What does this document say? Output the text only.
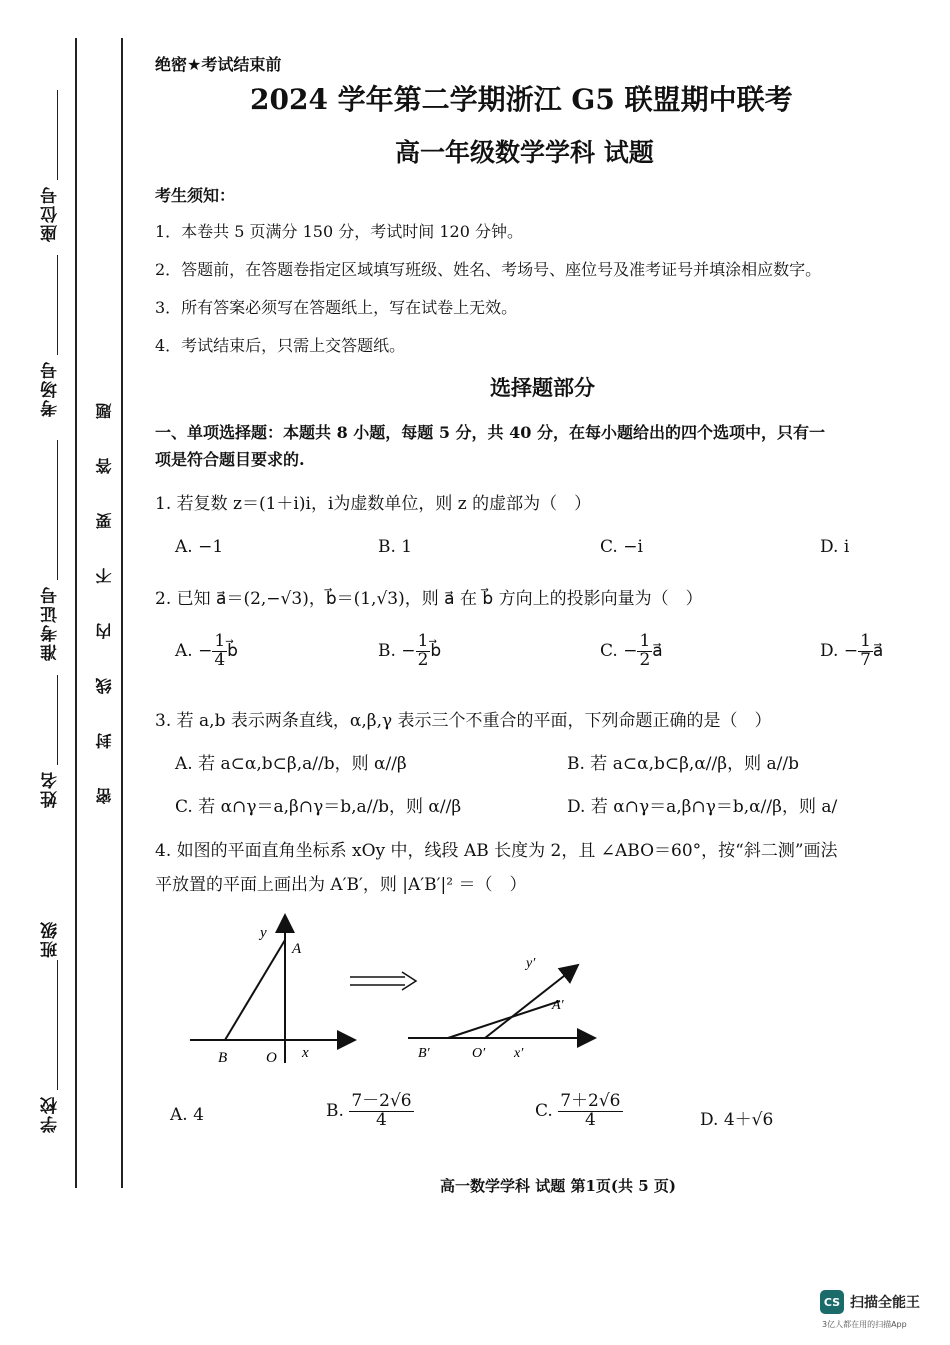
座位号
考场号
准考证号
姓名
班级
学校
题
答
要
不
内
线
封
密
绝密★考试结束前
2024 学年第二学期浙江 G5 联盟期中联考
高一年级数学学科 试题
考生须知：
1．本卷共 5 页满分 150 分，考试时间 120 分钟。
2．答题前，在答题卷指定区域填写班级、姓名、考场号、座位号及准考证号并填涂相应数字。
3．所有答案必须写在答题纸上，写在试卷上无效。
4．考试结束后，只需上交答题纸。
选择题部分
一、单项选择题：本题共 8 小题，每题 5 分，共 40 分，在每小题给出的四个选项中，只有一
项是符合题目要求的.
1. 若复数 z＝(1＋i)i，i为虚数单位，则 z 的虚部为（　）
A. −1	B. 1	C. −i	D. i
2. 已知 a⃗＝(2,−√3)，b⃗＝(1,√3)，则 a⃗ 在 b⃗ 方向上的投影向量为（　）
A. − $\frac{1}{4}$ b⃗	B. − $\frac{1}{2}$ b⃗	C. − $\frac{1}{2}$ a⃗	D. − $\frac{1}{7}$ a⃗
3. 若 a,b 表示两条直线，α,β,γ 表示三个不重合的平面，下列命题正确的是（　）
A. 若 a⊂α,b⊂β,a//b，则 α//β	B. 若 a⊂α,b⊂β,α//β，则 a//b
C. 若 α∩γ＝a,β∩γ＝b,a//b，则 α//β	D. 若 α∩γ＝a,β∩γ＝b,α//β，则 a/
4. 如图的平面直角坐标系 xOy 中，线段 AB 长度为 2，且 ∠ABO＝60°，按“斜二测”画法
平放置的平面上画出为 A′B′，则 |A′B′|² ＝（　）
y
A
B	O x
y′
A′
B′	O′ x′
A. 4	B. $\frac{7-2√6}{4}$	C. $\frac{7+2√6}{4}$	D. 4＋√6
高一数学学科 试题 第1页(共 5 页)
CS 扫描全能王
3亿人都在用的扫描App
